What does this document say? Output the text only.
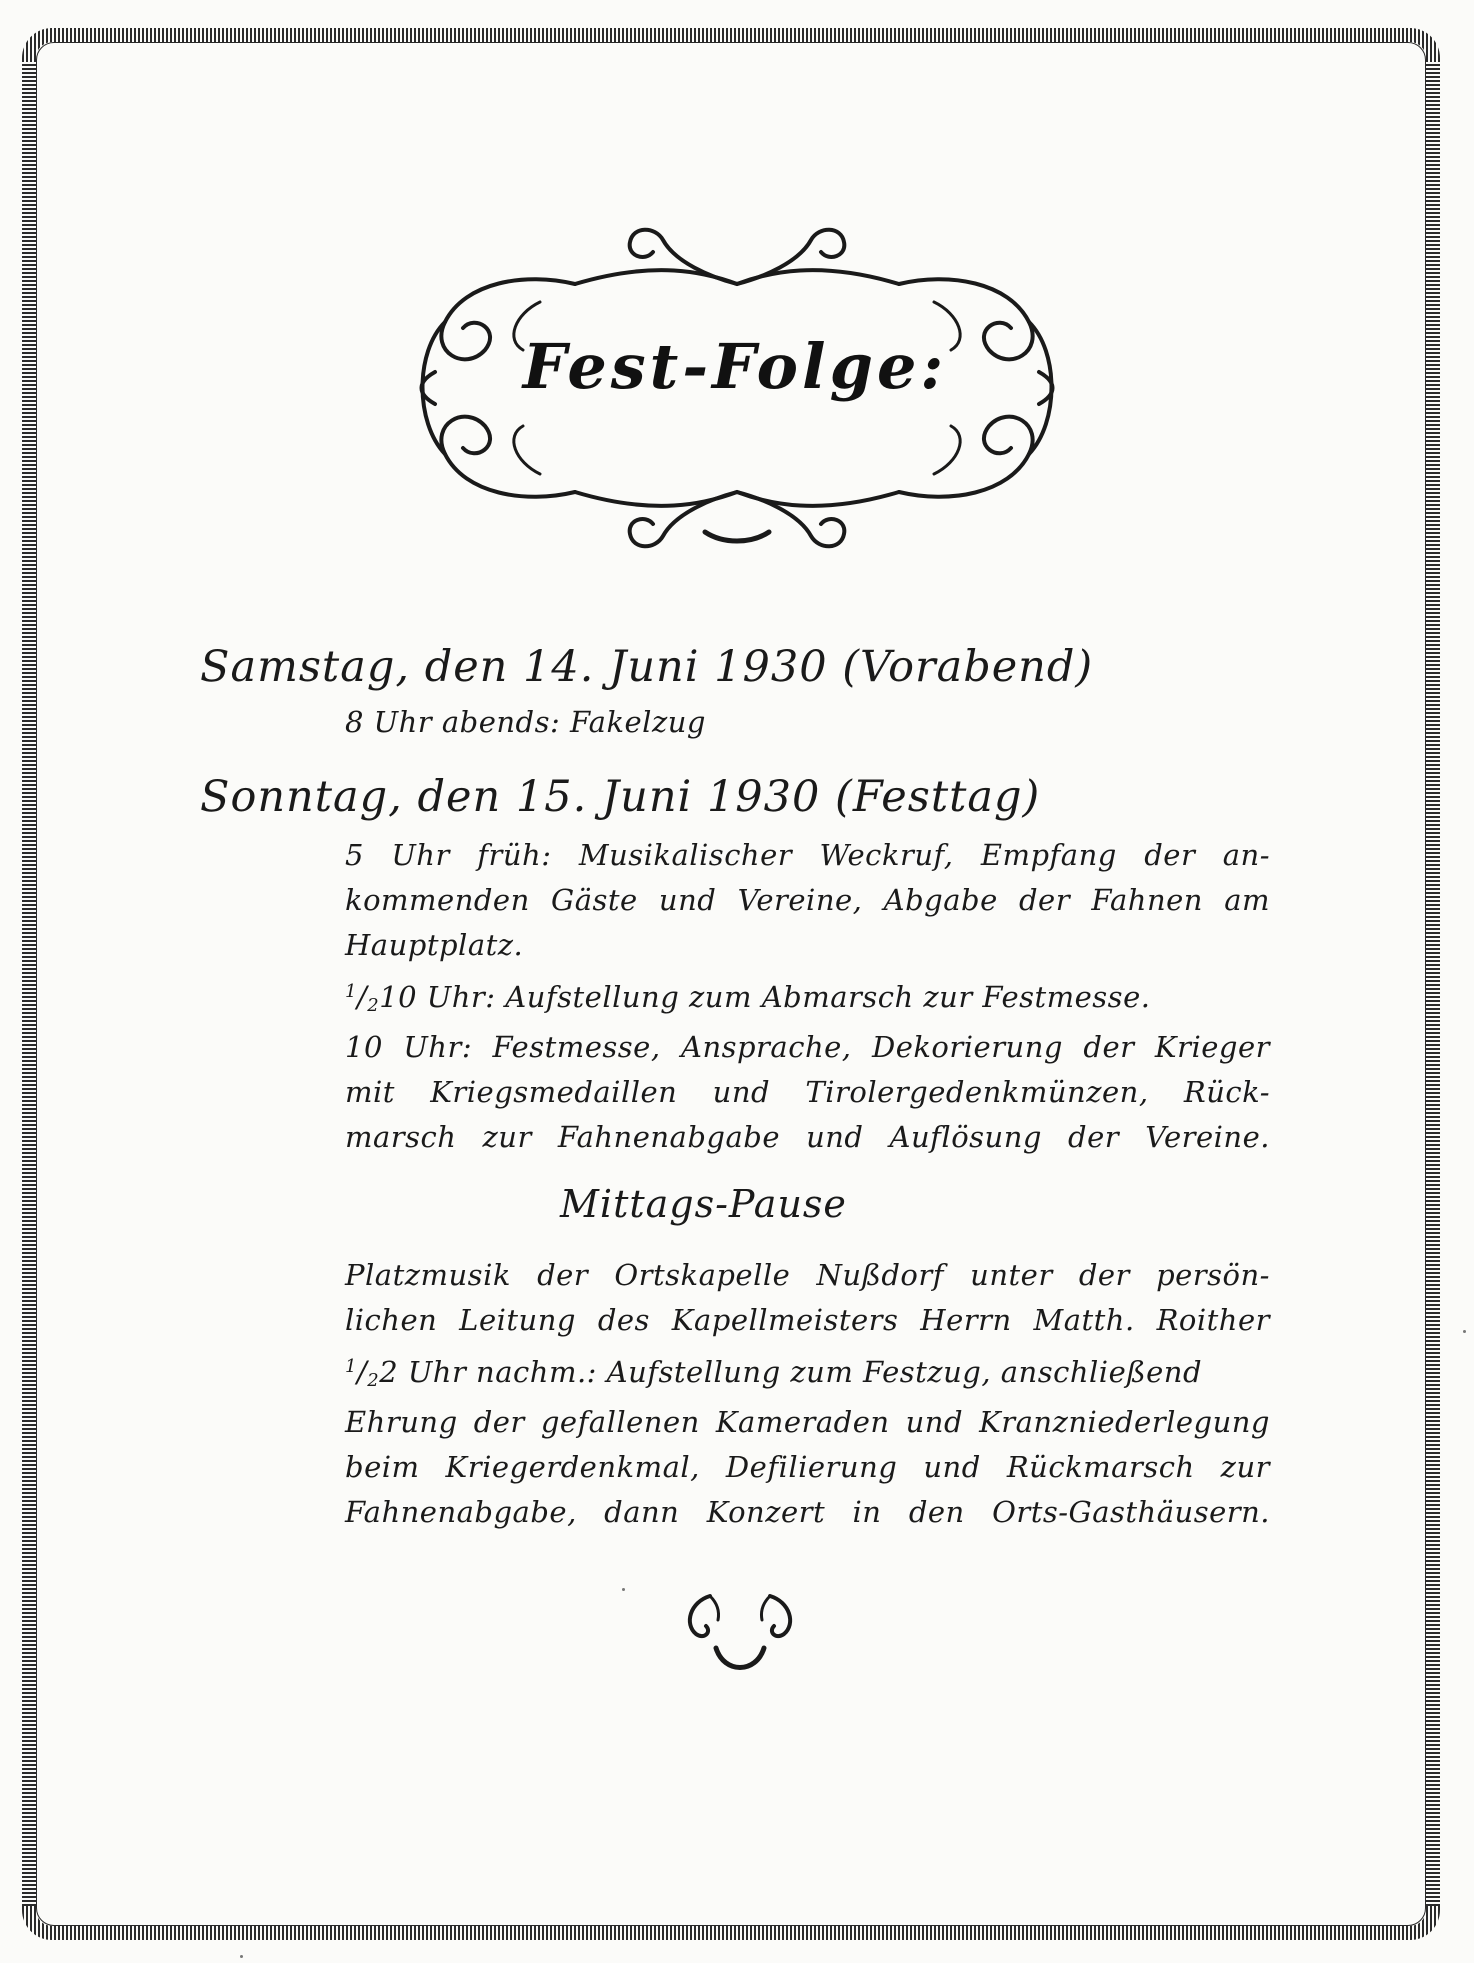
Fest-Folge:
Samstag, den 14. Juni 1930 (Vorabend)
8 Uhr abends: Fakelzug
Sonntag, den 15. Juni 1930 (Festtag)
5 Uhr früh: Musikalischer Weckruf, Empfang der an-
kommenden Gäste und Vereine, Abgabe der Fahnen am
Hauptplatz.
$^1/_210$ Uhr: Aufstellung zum Abmarsch zur Festmesse.
10 Uhr: Festmesse, Ansprache, Dekorierung der Krieger
mit Kriegsmedaillen und Tirolergedenkmünzen, Rück-
marsch zur Fahnenabgabe und Auflösung der Vereine.
Mittags-Pause
Platzmusik der Ortskapelle Nußdorf unter der persön-
lichen Leitung des Kapellmeisters Herrn Matth. Roither
$^1/_22$ Uhr nachm.: Aufstellung zum Festzug, anschließend
Ehrung der gefallenen Kameraden und Kranzniederlegung
beim Kriegerdenkmal, Defilierung und Rückmarsch zur
Fahnenabgabe, dann Konzert in den Orts-Gasthäusern.
